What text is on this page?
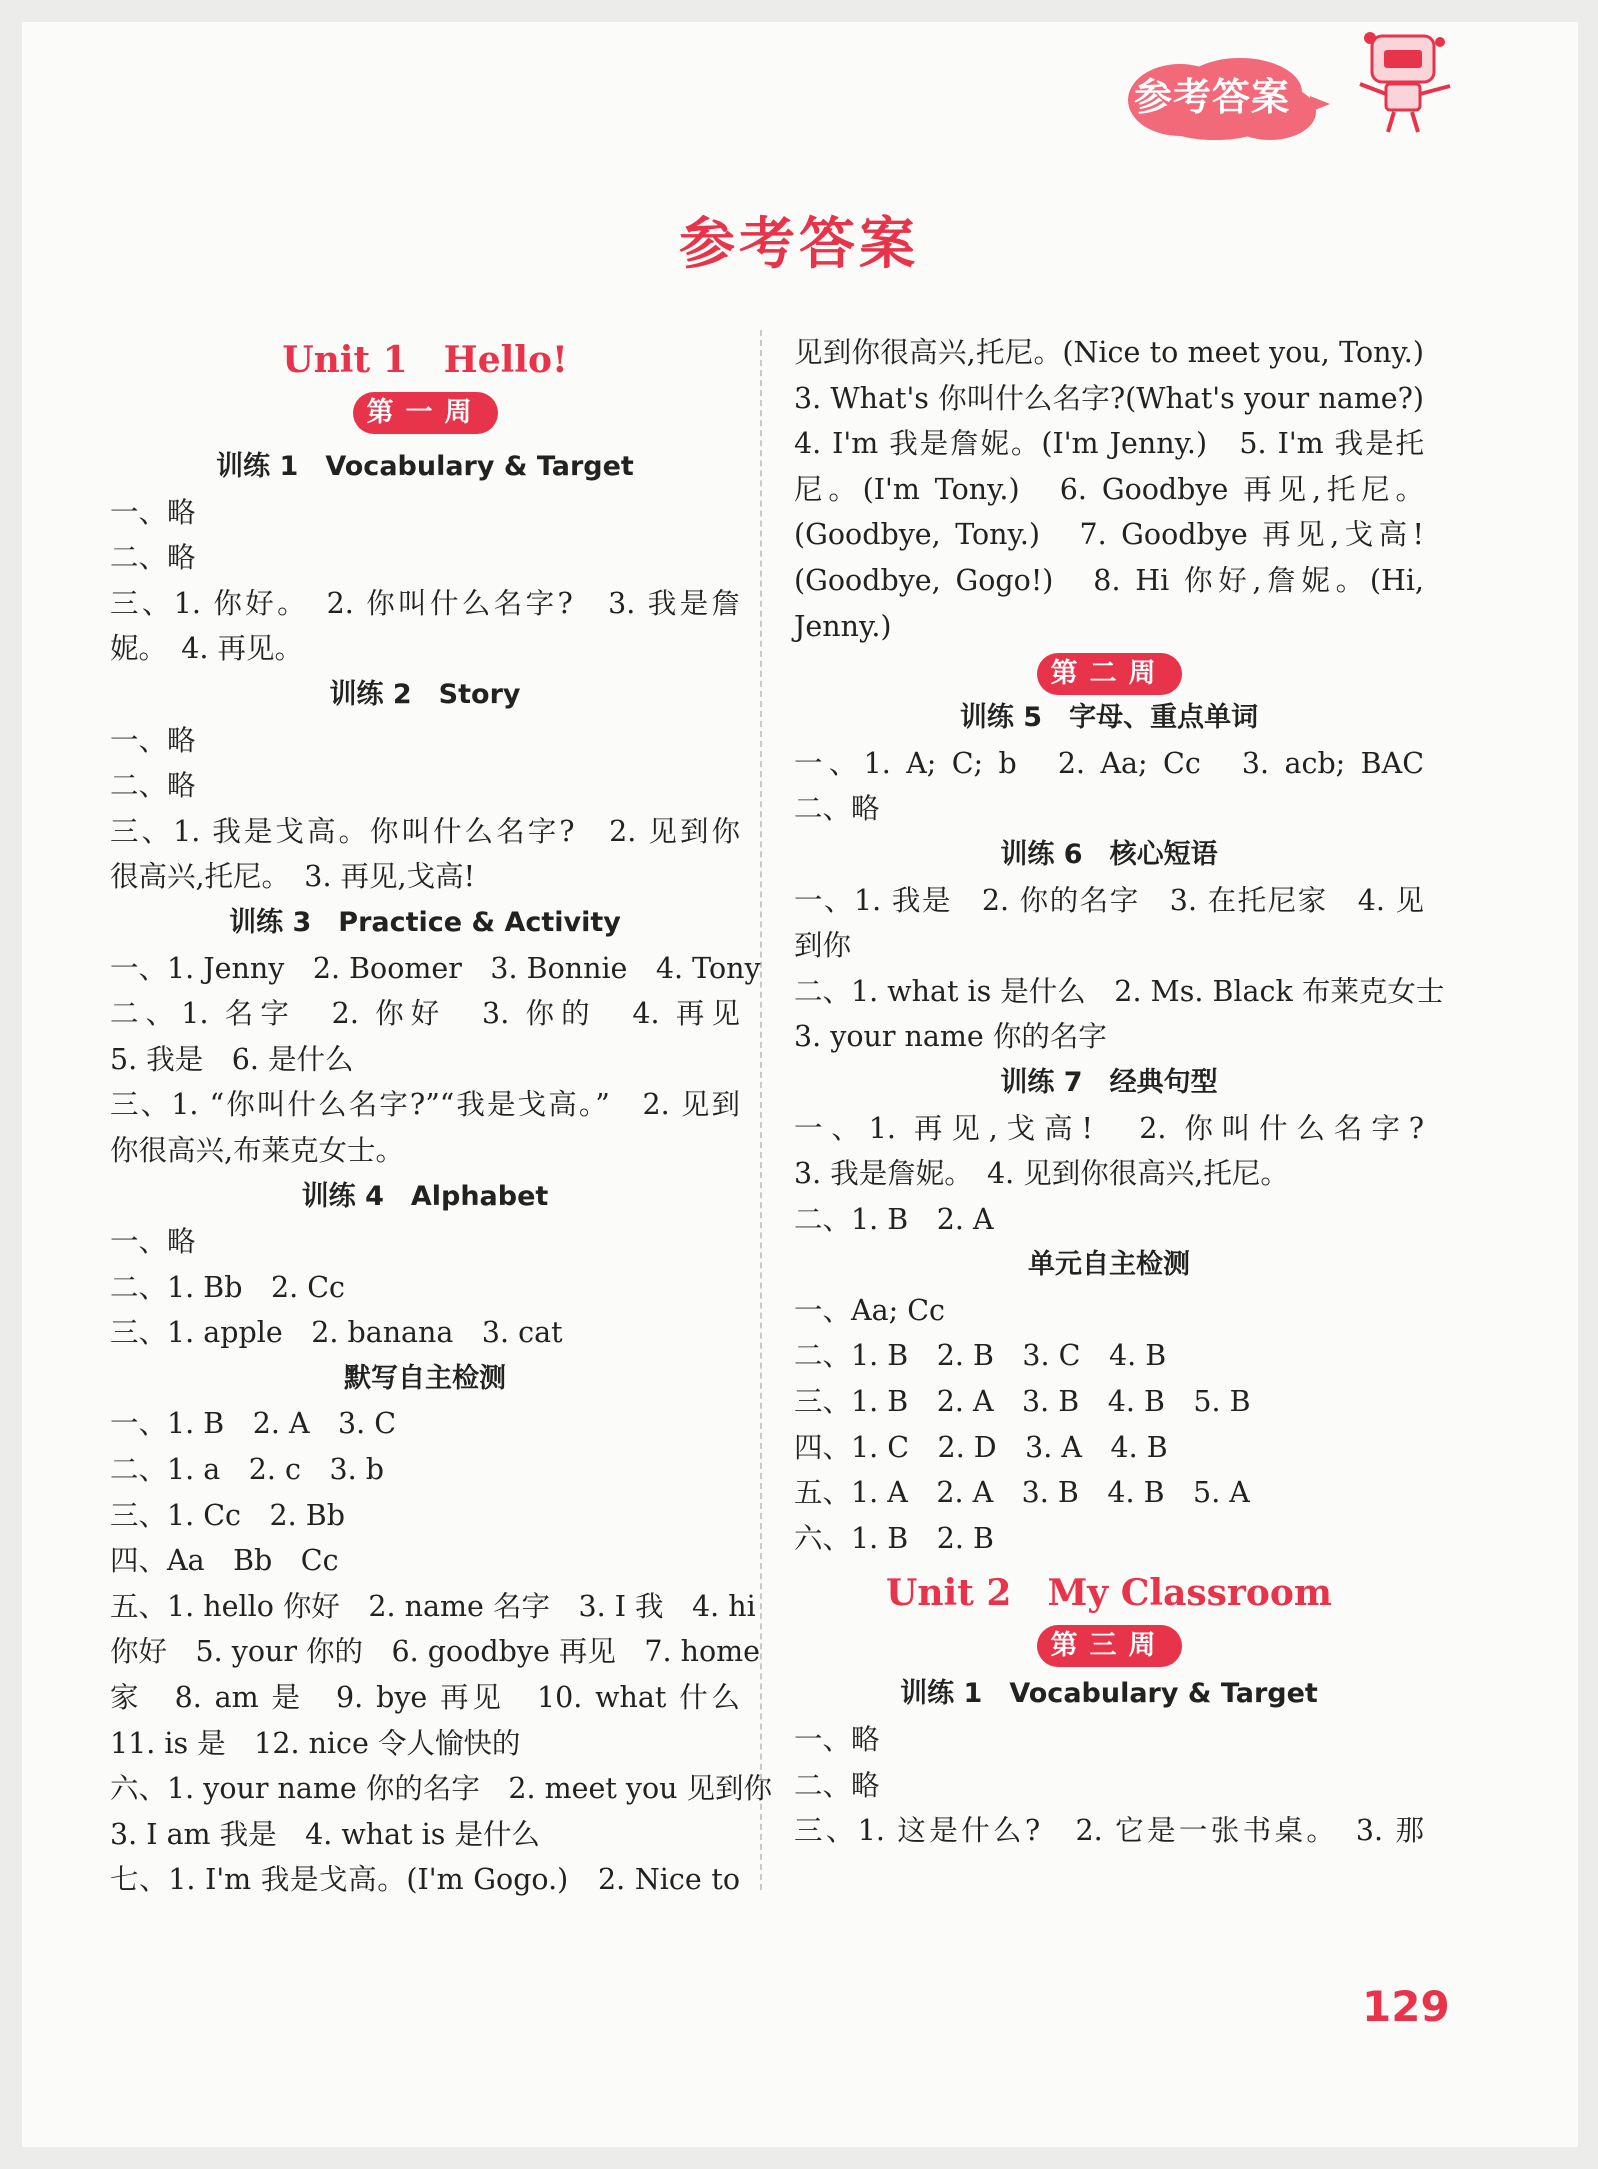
参考答案
参考答案
Unit 1　Hello!
第一周
训练 1　Vocabulary & Target
一、略
二、略
三、1. 你好。　2. 你叫什么名字?　3. 我是詹
妮。　4. 再见。
训练 2　Story
一、略
二、略
三、1. 我是戈高。你叫什么名字?　2. 见到你
很高兴,托尼。　3. 再见,戈高!
训练 3　Practice & Activity
一、1. Jenny　2. Boomer　3. Bonnie　4. Tony
二、1. 名字　2. 你好　3. 你的　4. 再见
5. 我是　6. 是什么
三、1. “你叫什么名字?”“我是戈高。”　2. 见到
你很高兴,布莱克女士。
训练 4　Alphabet
一、略
二、1. Bb　2. Cc
三、1. apple　2. banana　3. cat
默写自主检测
一、1. B　2. A　3. C
二、1. a　2. c　3. b
三、1. Cc　2. Bb
四、Aa　Bb　Cc
五、1. hello 你好　2. name 名字　3. I 我　4. hi
你好　5. your 你的　6. goodbye 再见　7. home
家　8. am 是　9. bye 再见　10. what 什么
11. is 是　12. nice 令人愉快的
六、1. your name 你的名字　2. meet you 见到你
3. I am 我是　4. what is 是什么
七、1. I'm 我是戈高。(I'm Gogo.)　2. Nice to
见到你很高兴,托尼。(Nice to meet you, Tony.)
3. What's 你叫什么名字?(What's your name?)
4. I'm 我是詹妮。(I'm Jenny.)　5. I'm 我是托
尼。(I'm Tony.)　6. Goodbye 再见,托尼。
(Goodbye, Tony.)　7. Goodbye 再见,戈高!
(Goodbye, Gogo!)　8. Hi 你好,詹妮。(Hi,
Jenny.)
第二周
训练 5　字母、重点单词
一、1. A; C; b　2. Aa; Cc　3. acb; BAC
二、略
训练 6　核心短语
一、1. 我是　2. 你的名字　3. 在托尼家　4. 见
到你
二、1. what is 是什么　2. Ms. Black 布莱克女士
3. your name 你的名字
训练 7　经典句型
一、1. 再见,戈高!　2. 你叫什么名字?
3. 我是詹妮。　4. 见到你很高兴,托尼。
二、1. B　2. A
单元自主检测
一、Aa; Cc
二、1. B　2. B　3. C　4. B
三、1. B　2. A　3. B　4. B　5. B
四、1. C　2. D　3. A　4. B
五、1. A　2. A　3. B　4. B　5. A
六、1. B　2. B
Unit 2　My Classroom
第三周
训练 1　Vocabulary & Target
一、略
二、略
三、1. 这是什么?　2. 它是一张书桌。　3. 那
129
